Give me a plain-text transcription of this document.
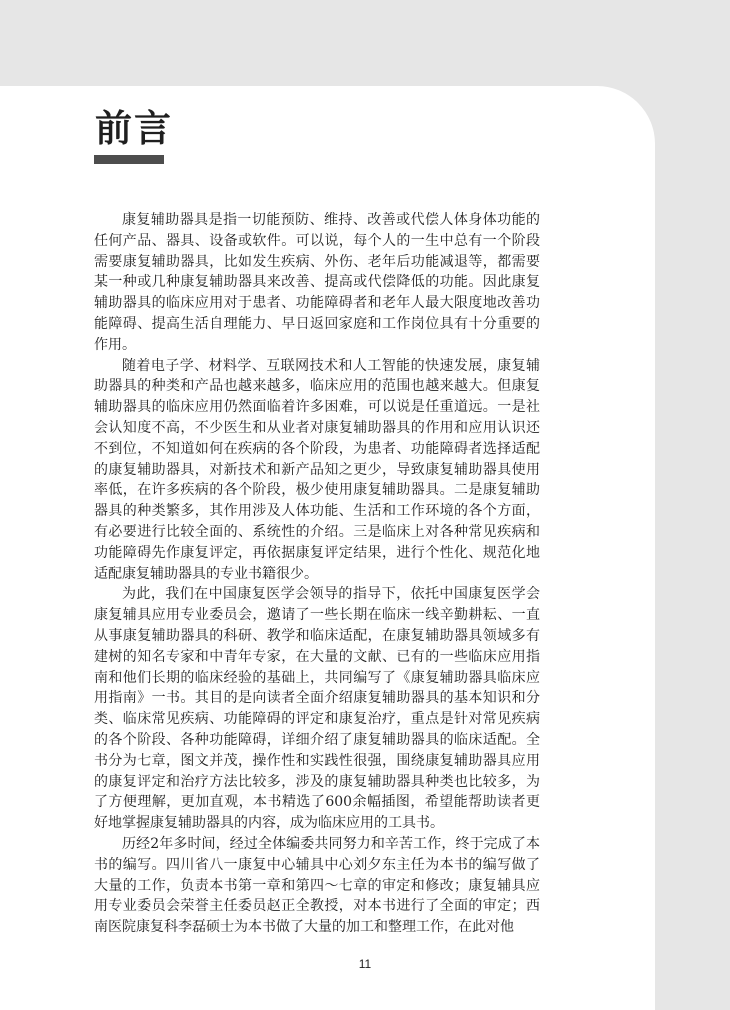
前言

康复辅助器具是指一切能预防、维持、改善或代偿人体身体功能的任何产品、器具、设备或软件。可以说，每个人的一生中总有一个阶段需要康复辅助器具，比如发生疾病、外伤、老年后功能减退等，都需要某一种或几种康复辅助器具来改善、提高或代偿降低的功能。因此康复辅助器具的临床应用对于患者、功能障碍者和老年人最大限度地改善功能障碍、提高生活自理能力、早日返回家庭和工作岗位具有十分重要的作用。

随着电子学、材料学、互联网技术和人工智能的快速发展，康复辅助器具的种类和产品也越来越多，临床应用的范围也越来越大。但康复辅助器具的临床应用仍然面临着许多困难，可以说是任重道远。一是社会认知度不高，不少医生和从业者对康复辅助器具的作用和应用认识还不到位，不知道如何在疾病的各个阶段，为患者、功能障碍者选择适配的康复辅助器具，对新技术和新产品知之更少，导致康复辅助器具使用率低，在许多疾病的各个阶段，极少使用康复辅助器具。二是康复辅助器具的种类繁多，其作用涉及人体功能、生活和工作环境的各个方面，有必要进行比较全面的、系统性的介绍。三是临床上对各种常见疾病和功能障碍先作康复评定，再依据康复评定结果，进行个性化、规范化地适配康复辅助器具的专业书籍很少。

为此，我们在中国康复医学会领导的指导下，依托中国康复医学会康复辅具应用专业委员会，邀请了一些长期在临床一线辛勤耕耘、一直从事康复辅助器具的科研、教学和临床适配，在康复辅助器具领域多有建树的知名专家和中青年专家，在大量的文献、已有的一些临床应用指南和他们长期的临床经验的基础上，共同编写了《康复辅助器具临床应用指南》一书。其目的是向读者全面介绍康复辅助器具的基本知识和分类、临床常见疾病、功能障碍的评定和康复治疗，重点是针对常见疾病的各个阶段、各种功能障碍，详细介绍了康复辅助器具的临床适配。全书分为七章，图文并茂，操作性和实践性很强，围绕康复辅助器具应用的康复评定和治疗方法比较多，涉及的康复辅助器具种类也比较多，为了方便理解，更加直观，本书精选了600余幅插图，希望能帮助读者更好地掌握康复辅助器具的内容，成为临床应用的工具书。

历经2年多时间，经过全体编委共同努力和辛苦工作，终于完成了本书的编写。四川省八一康复中心辅具中心刘夕东主任为本书的编写做了大量的工作，负责本书第一章和第四～七章的审定和修改；康复辅具应用专业委员会荣誉主任委员赵正全教授，对本书进行了全面的审定；西南医院康复科李磊硕士为本书做了大量的加工和整理工作，在此对他

11
